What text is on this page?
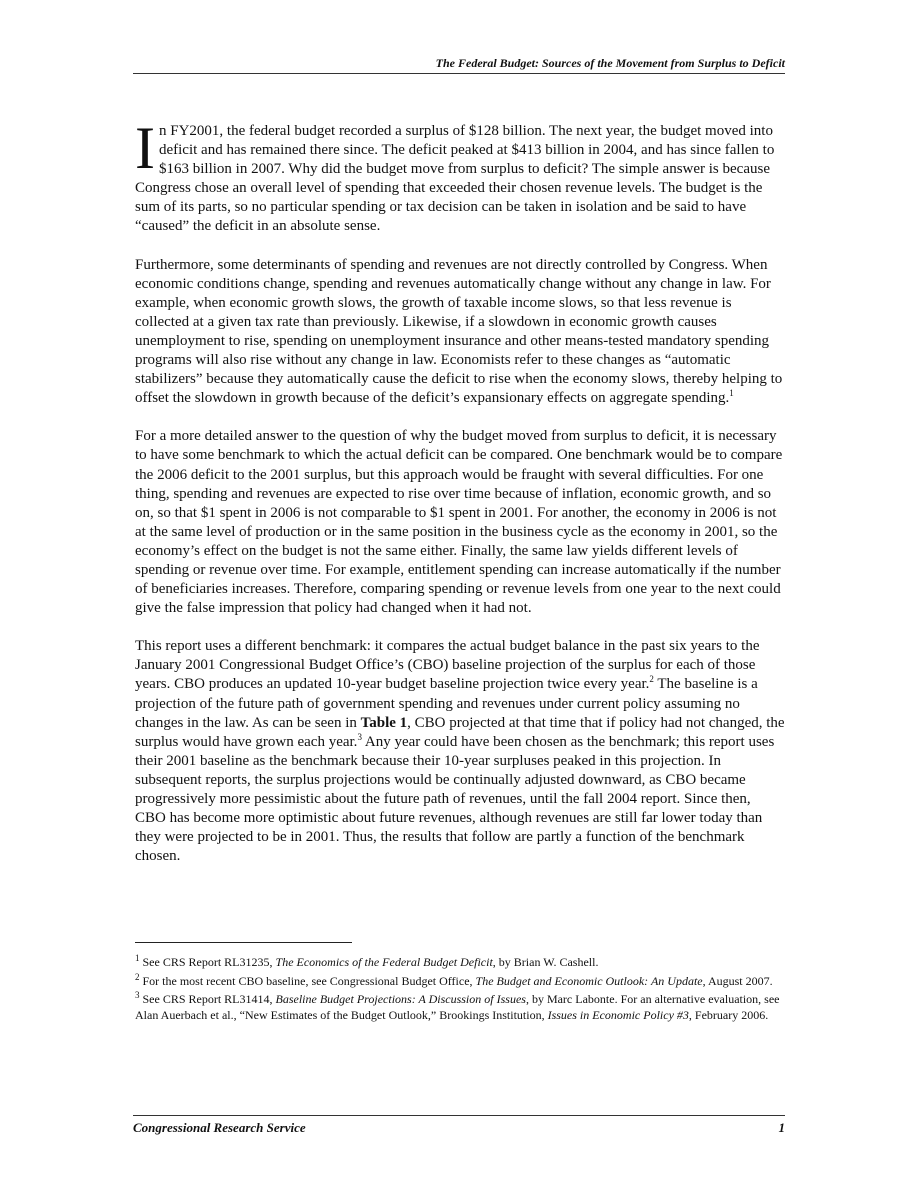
The Federal Budget: Sources of the Movement from Surplus to Deficit

In FY2001, the federal budget recorded a surplus of $128 billion. The next year, the budget moved into deficit and has remained there since. The deficit peaked at $413 billion in 2004, and has since fallen to $163 billion in 2007. Why did the budget move from surplus to deficit? The simple answer is because Congress chose an overall level of spending that exceeded their chosen revenue levels. The budget is the sum of its parts, so no particular spending or tax decision can be taken in isolation and be said to have “caused” the deficit in an absolute sense.

Furthermore, some determinants of spending and revenues are not directly controlled by Congress. When economic conditions change, spending and revenues automatically change without any change in law. For example, when economic growth slows, the growth of taxable income slows, so that less revenue is collected at a given tax rate than previously. Likewise, if a slowdown in economic growth causes unemployment to rise, spending on unemployment insurance and other means-tested mandatory spending programs will also rise without any change in law. Economists refer to these changes as “automatic stabilizers” because they automatically cause the deficit to rise when the economy slows, thereby helping to offset the slowdown in growth because of the deficit’s expansionary effects on aggregate spending.$^1$

For a more detailed answer to the question of why the budget moved from surplus to deficit, it is necessary to have some benchmark to which the actual deficit can be compared. One benchmark would be to compare the 2006 deficit to the 2001 surplus, but this approach would be fraught with several difficulties. For one thing, spending and revenues are expected to rise over time because of inflation, economic growth, and so on, so that $1 spent in 2006 is not comparable to $1 spent in 2001. For another, the economy in 2006 is not at the same level of production or in the same position in the business cycle as the economy in 2001, so the economy’s effect on the budget is not the same either. Finally, the same law yields different levels of spending or revenue over time. For example, entitlement spending can increase automatically if the number of beneficiaries increases. Therefore, comparing spending or revenue levels from one year to the next could give the false impression that policy had changed when it had not.

This report uses a different benchmark: it compares the actual budget balance in the past six years to the January 2001 Congressional Budget Office’s (CBO) baseline projection of the surplus for each of those years. CBO produces an updated 10-year budget baseline projection twice every year.$^2$ The baseline is a projection of the future path of government spending and revenues under current policy assuming no changes in the law. As can be seen in Table 1, CBO projected at that time that if policy had not changed, the surplus would have grown each year.$^3$ Any year could have been chosen as the benchmark; this report uses their 2001 baseline as the benchmark because their 10-year surpluses peaked in this projection. In subsequent reports, the surplus projections would be continually adjusted downward, as CBO became progressively more pessimistic about the future path of revenues, until the fall 2004 report. Since then, CBO has become more optimistic about future revenues, although revenues are still far lower today than they were projected to be in 2001. Thus, the results that follow are partly a function of the benchmark chosen.

$^1$ See CRS Report RL31235, The Economics of the Federal Budget Deficit, by Brian W. Cashell.
$^2$ For the most recent CBO baseline, see Congressional Budget Office, The Budget and Economic Outlook: An Update, August 2007.
$^3$ See CRS Report RL31414, Baseline Budget Projections: A Discussion of Issues, by Marc Labonte. For an alternative evaluation, see Alan Auerbach et al., “New Estimates of the Budget Outlook,” Brookings Institution, Issues in Economic Policy #3, February 2006.
Congressional Research Service	1
